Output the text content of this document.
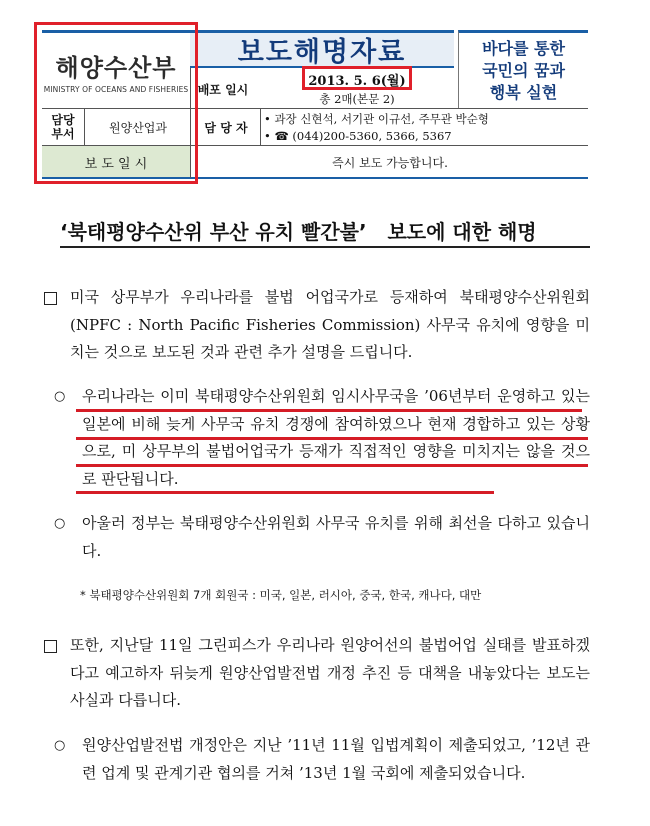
해양수산부
MINISTRY OF OCEANS AND FISHERIES
보도해명자료	바다를 통한
국민의 꿈과
행복 실현
배포 일시
2013. 5. 6(월)
총 2매(본문 2)
담당
부서	원양산업과	담 당 자
• 과장 신현석, 서기관 이규선, 주무관 박순형
• ☎ (044)200-5360, 5366, 5367
보 도 일 시	즉시 보도 가능합니다.
‘북태평양수산위 부산 유치 빨간불’   보도에 대한 해명
미국 상무부가 우리나라를 불법 어업국가로 등재하여 북태평양수산위원회(NPFC : North Pacific Fisheries Commission) 사무국 유치에 영향을 미치는 것으로 보도된 것과 관련 추가 설명을 드립니다.
○ 우리나라는 이미 북태평양수산위원회 임시사무국을 ’06년부터 운영하고 있는 일본에 비해 늦게 사무국 유치 경쟁에 참여하였으나 현재 경합하고 있는 상황으로, 미 상무부의 불법어업국가 등재가 직접적인 영향을 미치지는 않을 것으로 판단됩니다.
○ 아울러 정부는 북태평양수산위원회 사무국 유치를 위해 최선을 다하고 있습니다.
* 북태평양수산위원회 7개 회원국 : 미국, 일본, 러시아, 중국, 한국, 캐나다, 대만
또한, 지난달 11일 그린피스가 우리나라 원양어선의 불법어업 실태를 발표하겠다고 예고하자 뒤늦게 원양산업발전법 개정 추진 등 대책을 내놓았다는 보도는 사실과 다릅니다.
○ 원양산업발전법 개정안은 지난 ’11년 11월 입법계획이 제출되었고, ’12년 관련 업계 및 관계기관 협의를 거쳐 ’13년 1월 국회에 제출되었습니다.
